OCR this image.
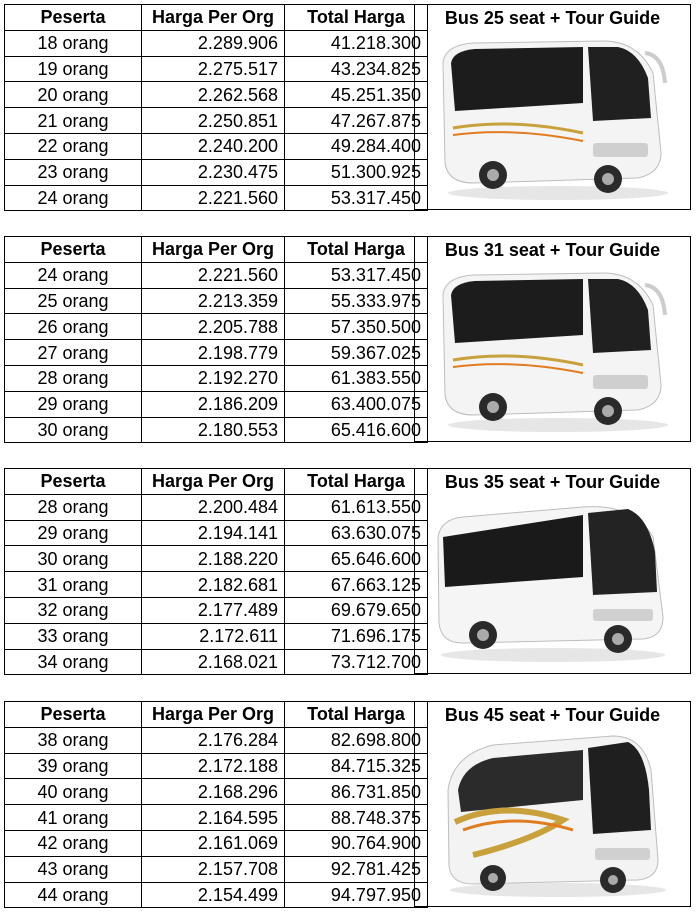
Peserta	Harga Per Org	Total Harga
18 orang	2.289.906	41.218.300
19 orang	2.275.517	43.234.825
20 orang	2.262.568	45.251.350
21 orang	2.250.851	47.267.875
22 orang	2.240.200	49.284.400
23 orang	2.230.475	51.300.925
24 orang	2.221.560	53.317.450
Bus 25 seat + Tour Guide
Peserta	Harga Per Org	Total Harga
24 orang	2.221.560	53.317.450
25 orang	2.213.359	55.333.975
26 orang	2.205.788	57.350.500
27 orang	2.198.779	59.367.025
28 orang	2.192.270	61.383.550
29 orang	2.186.209	63.400.075
30 orang	2.180.553	65.416.600
Bus 31 seat + Tour Guide
Peserta	Harga Per Org	Total Harga
28 orang	2.200.484	61.613.550
29 orang	2.194.141	63.630.075
30 orang	2.188.220	65.646.600
31 orang	2.182.681	67.663.125
32 orang	2.177.489	69.679.650
33 orang	2.172.611	71.696.175
34 orang	2.168.021	73.712.700
Bus 35 seat + Tour Guide
Peserta	Harga Per Org	Total Harga
38 orang	2.176.284	82.698.800
39 orang	2.172.188	84.715.325
40 orang	2.168.296	86.731.850
41 orang	2.164.595	88.748.375
42 orang	2.161.069	90.764.900
43 orang	2.157.708	92.781.425
44 orang	2.154.499	94.797.950
Bus 45 seat + Tour Guide
